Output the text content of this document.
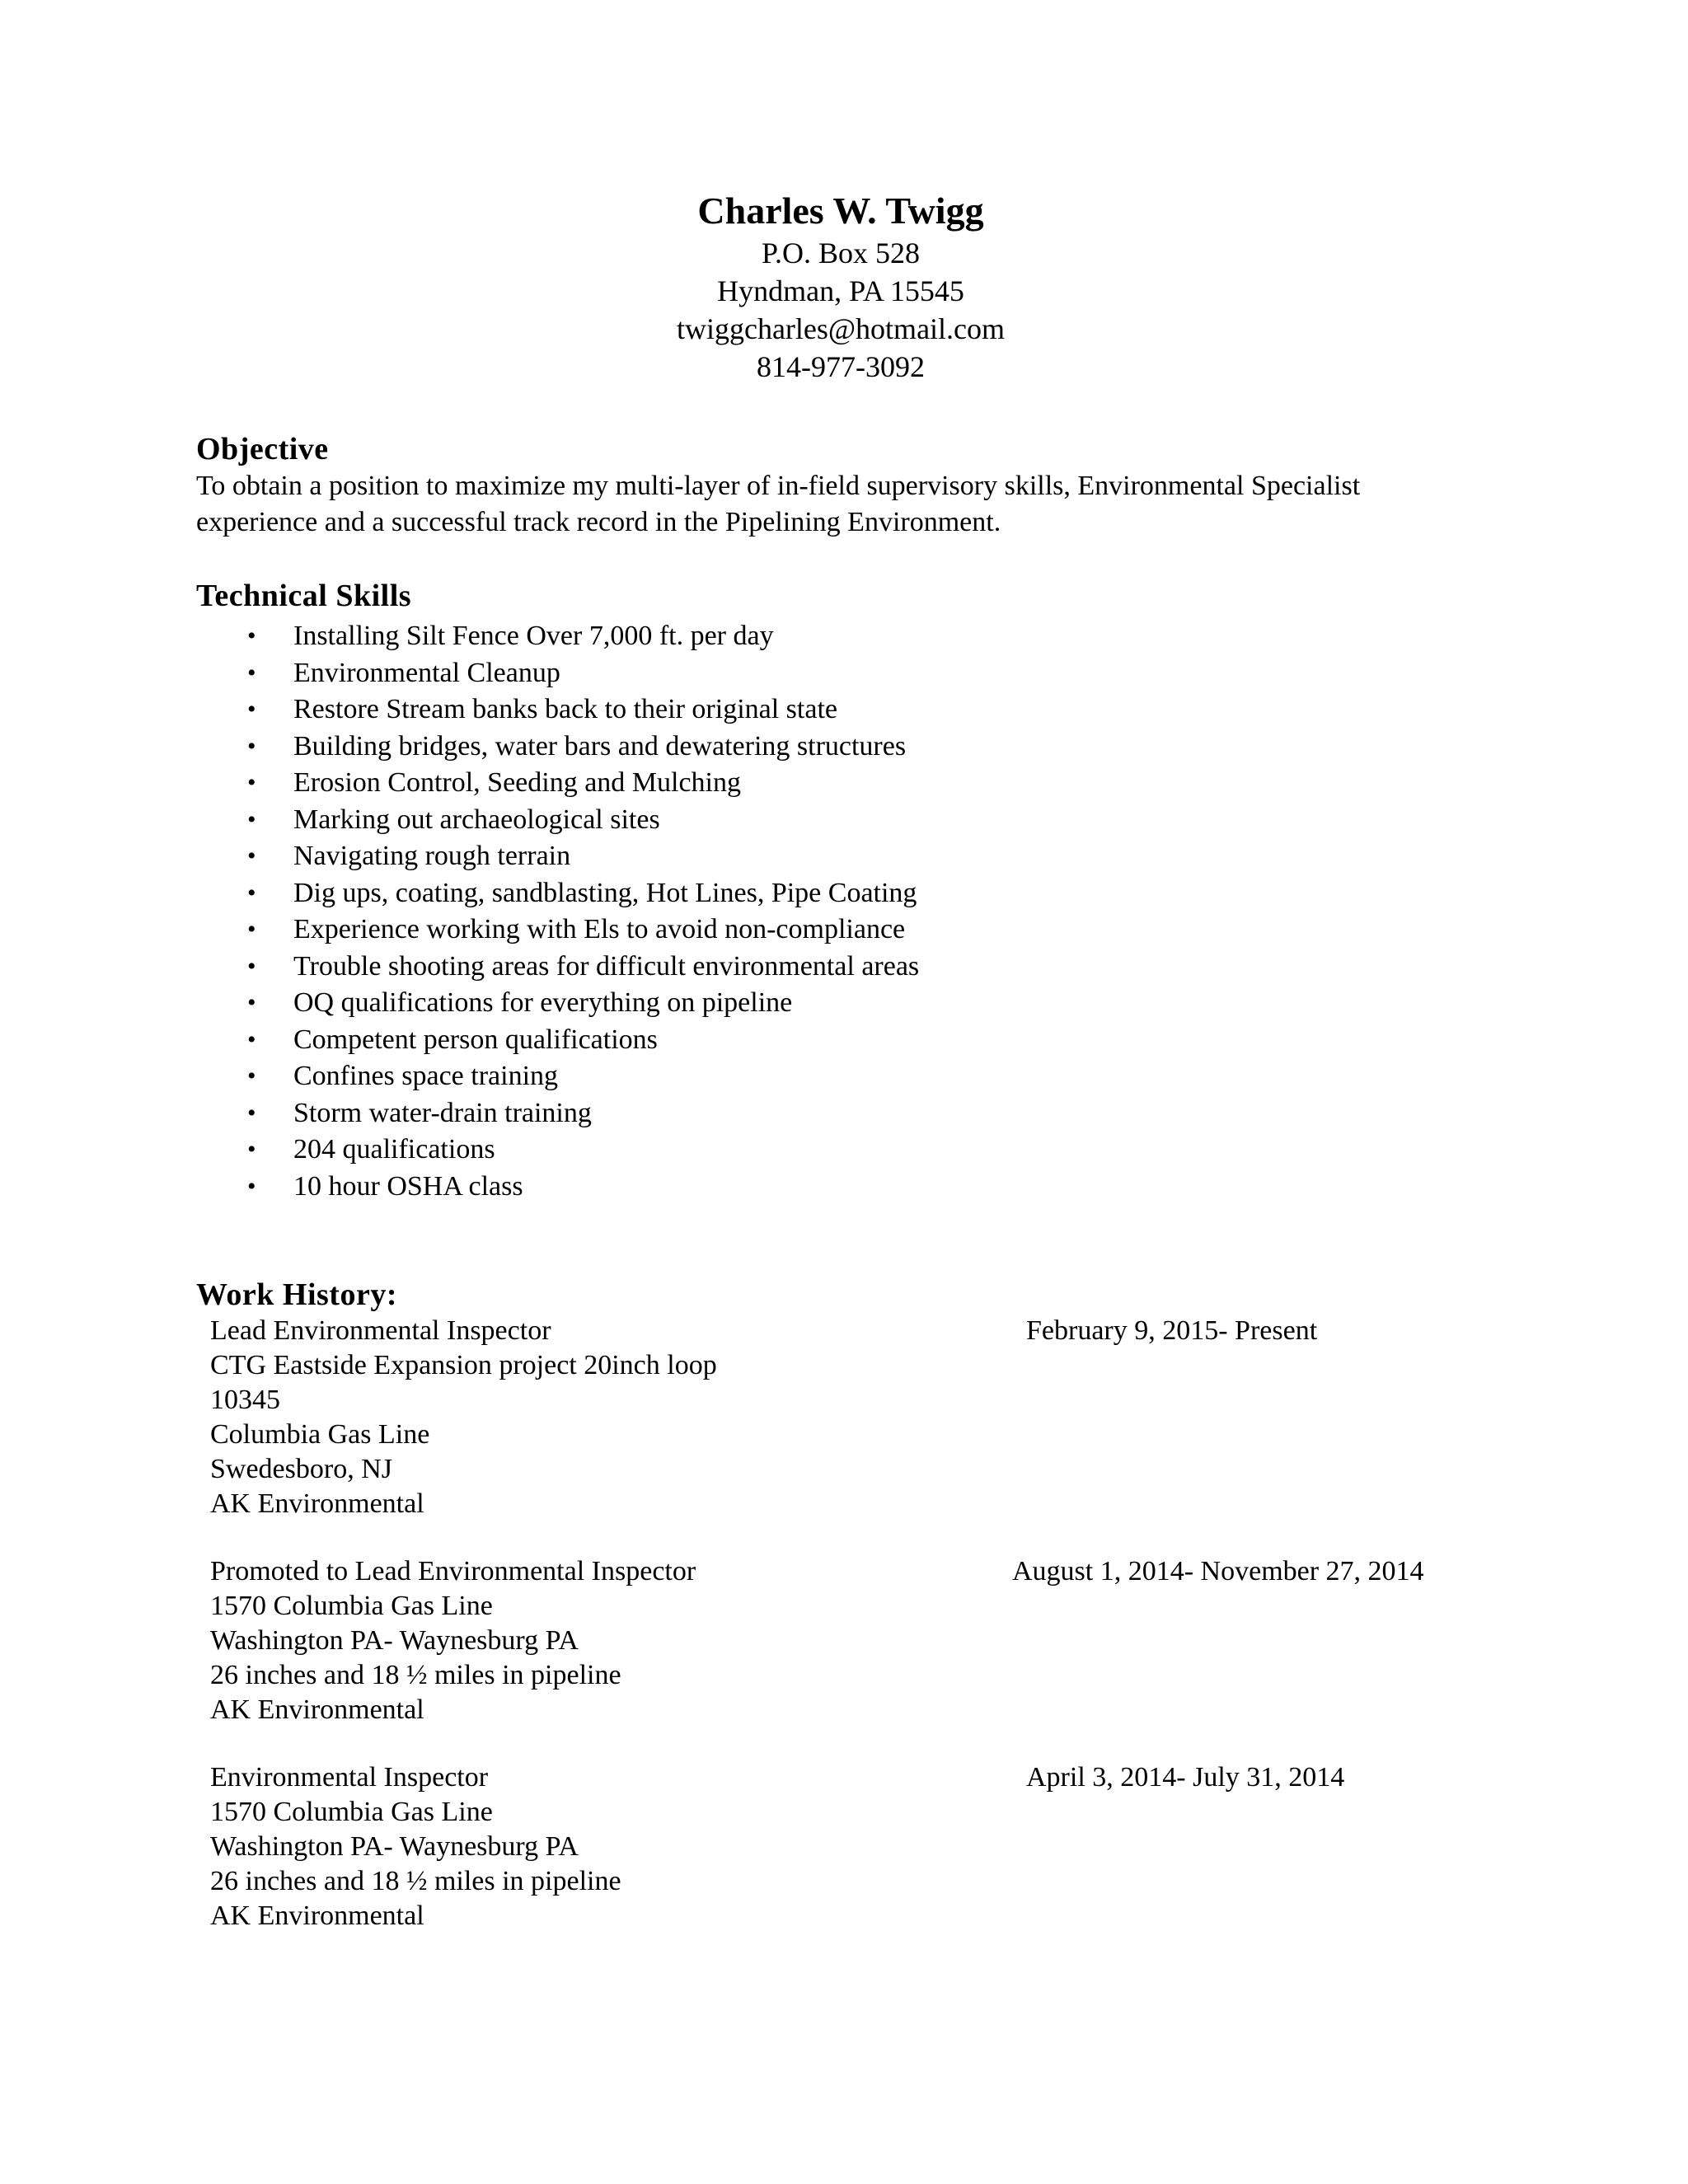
Charles W. Twigg
P.O. Box 528
Hyndman, PA 15545
twiggcharles@hotmail.com
814-977-3092
Objective
To obtain a position to maximize my multi-layer of in-field supervisory skills, Environmental Specialist
experience and a successful track record in the Pipelining Environment.
Technical Skills
• Installing Silt Fence Over 7,000 ft. per day
• Environmental Cleanup
• Restore Stream banks back to their original state
• Building bridges, water bars and dewatering structures
• Erosion Control, Seeding and Mulching
• Marking out archaeological sites
• Navigating rough terrain
• Dig ups, coating, sandblasting, Hot Lines, Pipe Coating
• Experience working with Els to avoid non-compliance
• Trouble shooting areas for difficult environmental areas
• OQ qualifications for everything on pipeline
• Competent person qualifications
• Confines space training
• Storm water-drain training
• 204 qualifications
• 10 hour OSHA class
Work History:
Lead Environmental Inspector	February 9, 2015- Present
CTG Eastside Expansion project 20inch loop
10345
Columbia Gas Line
Swedesboro, NJ
AK Environmental
Promoted to Lead Environmental Inspector	August 1, 2014- November 27, 2014
1570 Columbia Gas Line
Washington PA- Waynesburg PA
26 inches and 18 ½ miles in pipeline
AK Environmental
Environmental Inspector	April 3, 2014- July 31, 2014
1570 Columbia Gas Line
Washington PA- Waynesburg PA
26 inches and 18 ½ miles in pipeline
AK Environmental
